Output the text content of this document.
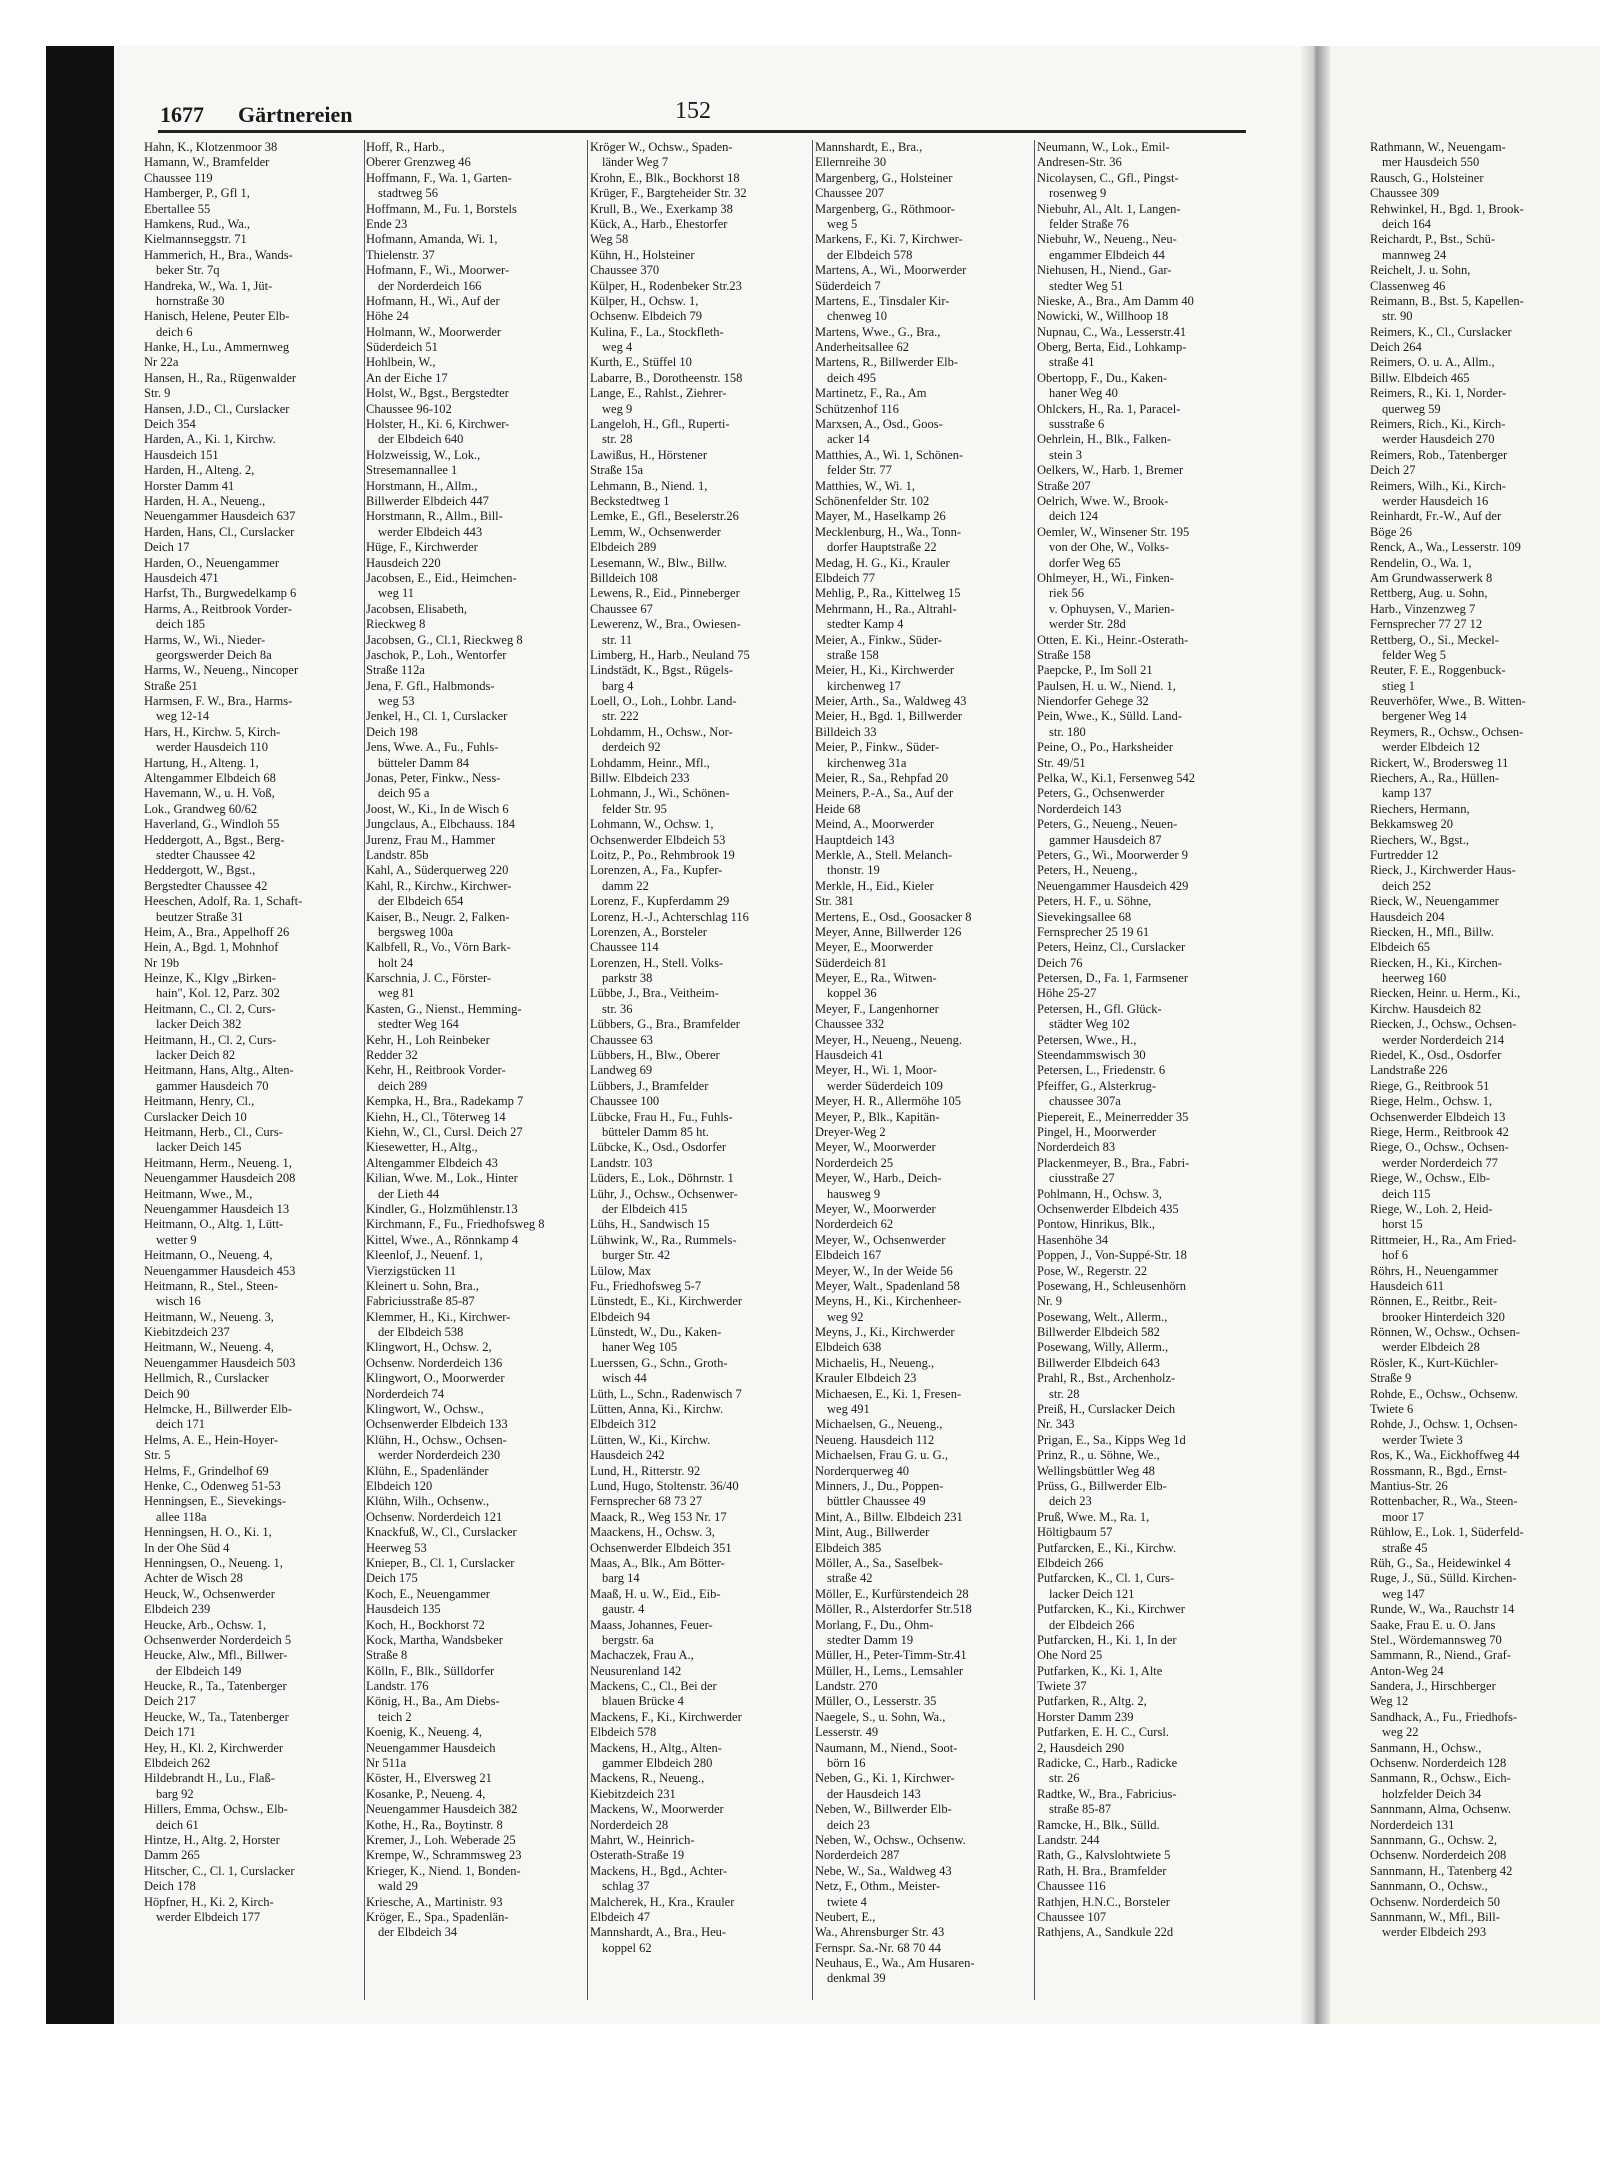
Rathmann, W., Neuengam-
mer Hausdeich 550
Rausch, G., Holsteiner
Chaussee 309
Rehwinkel, H., Bgd. 1, Brook-
deich 164
Reichardt, P., Bst., Schü-
mannweg 24
Reichelt, J. u. Sohn,
Classenweg 46
Reimann, B., Bst. 5, Kapellen-
str. 90
Reimers, K., Cl., Curslacker
Deich 264
Reimers, O. u. A., Allm.,
Billw. Elbdeich 465
Reimers, R., Ki. 1, Norder-
querweg 59
Reimers, Rich., Ki., Kirch-
werder Hausdeich 270
Reimers, Rob., Tatenberger
Deich 27
Reimers, Wilh., Ki., Kirch-
werder Hausdeich 16
Reinhardt, Fr.-W., Auf der
Böge 26
Renck, A., Wa., Lesserstr. 109
Rendelin, O., Wa. 1,
Am Grundwasserwerk 8
Rettberg, Aug. u. Sohn,
Harb., Vinzenzweg 7
Fernsprecher 77 27 12
Rettberg, O., Si., Meckel-
felder Weg 5
Reuter, F. E., Roggenbuck-
stieg 1
Reuverhöfer, Wwe., B. Witten-
bergener Weg 14
Reymers, R., Ochsw., Ochsen-
werder Elbdeich 12
Rickert, W., Brodersweg 11
Riechers, A., Ra., Hüllen-
kamp 137
Riechers, Hermann,
Bekkamsweg 20
Riechers, W., Bgst.,
Furtredder 12
Rieck, J., Kirchwerder Haus-
deich 252
Rieck, W., Neuengammer
Hausdeich 204
Riecken, H., Mfl., Billw.
Elbdeich 65
Riecken, H., Ki., Kirchen-
heerweg 160
Riecken, Heinr. u. Herm., Ki.,
Kirchw. Hausdeich 82
Riecken, J., Ochsw., Ochsen-
werder Norderdeich 214
Riedel, K., Osd., Osdorfer
Landstraße 226
Riege, G., Reitbrook 51
Riege, Helm., Ochsw. 1,
Ochsenwerder Elbdeich 13
Riege, Herm., Reitbrook 42
Riege, O., Ochsw., Ochsen-
werder Norderdeich 77
Riege, W., Ochsw., Elb-
deich 115
Riege, W., Loh. 2, Heid-
horst 15
Rittmeier, H., Ra., Am Fried-
hof 6
Röhrs, H., Neuengammer
Hausdeich 611
Rönnen, E., Reitbr., Reit-
brooker Hinterdeich 320
Rönnen, W., Ochsw., Ochsen-
werder Elbdeich 28
Rösler, K., Kurt-Küchler-
Straße 9
Rohde, E., Ochsw., Ochsenw.
Twiete 6
Rohde, J., Ochsw. 1, Ochsen-
werder Twiete 3
Ros, K., Wa., Eickhoffweg 44
Rossmann, R., Bgd., Ernst-
Mantius-Str. 26
Rottenbacher, R., Wa., Steen-
moor 17
Rühlow, E., Lok. 1, Süderfeld-
straße 45
Rüh, G., Sa., Heidewinkel 4
Ruge, J., Sü., Sülld. Kirchen-
weg 147
Runde, W., Wa., Rauchstr 14
Saake, Frau E. u. O. Jans
Stel., Wördemannsweg 70
Sammann, R., Niend., Graf-
Anton-Weg 24
Sandera, J., Hirschberger
Weg 12
Sandhack, A., Fu., Friedhofs-
weg 22
Sanmann, H., Ochsw.,
Ochsenw. Norderdeich 128
Sanmann, R., Ochsw., Eich-
holzfelder Deich 34
Sannmann, Alma, Ochsenw.
Norderdeich 131
Sannmann, G., Ochsw. 2,
Ochsenw. Norderdeich 208
Sannmann, H., Tatenberg 42
Sannmann, O., Ochsw.,
Ochsenw. Norderdeich 50
Sannmann, W., Mfl., Bill-
werder Elbdeich 293
1677 Gärtnereien	152
Hahn, K., Klotzenmoor 38
Hamann, W., Bramfelder
Chaussee 119
Hamberger, P., Gfl 1,
Ebertallee 55
Hamkens, Rud., Wa.,
Kielmannseggstr. 71
Hammerich, H., Bra., Wands-
beker Str. 7q
Handreka, W., Wa. 1, Jüt-
hornstraße 30
Hanisch, Helene, Peuter Elb-
deich 6
Hanke, H., Lu., Ammernweg
Nr 22a
Hansen, H., Ra., Rügenwalder
Str. 9
Hansen, J.D., Cl., Curslacker
Deich 354
Harden, A., Ki. 1, Kirchw.
Hausdeich 151
Harden, H., Alteng. 2,
Horster Damm 41
Harden, H. A., Neueng.,
Neuengammer Hausdeich 637
Harden, Hans, Cl., Curslacker
Deich 17
Harden, O., Neuengammer
Hausdeich 471
Harfst, Th., Burgwedelkamp 6
Harms, A., Reitbrook Vorder-
deich 185
Harms, W., Wi., Nieder-
georgswerder Deich 8a
Harms, W., Neueng., Nincoper
Straße 251
Harmsen, F. W., Bra., Harms-
weg 12-14
Hars, H., Kirchw. 5, Kirch-
werder Hausdeich 110
Hartung, H., Alteng. 1,
Altengammer Elbdeich 68
Havemann, W., u. H. Voß,
Lok., Grandweg 60/62
Haverland, G., Windloh 55
Heddergott, A., Bgst., Berg-
stedter Chaussee 42
Heddergott, W., Bgst.,
Bergstedter Chaussee 42
Heeschen, Adolf, Ra. 1, Schaft-
beutzer Straße 31
Heim, A., Bra., Appelhoff 26
Hein, A., Bgd. 1, Mohnhof
Nr 19b
Heinze, K., Klgv „Birken-
hain", Kol. 12, Parz. 302
Heitmann, C., Cl. 2, Curs-
lacker Deich 382
Heitmann, H., Cl. 2, Curs-
lacker Deich 82
Heitmann, Hans, Altg., Alten-
gammer Hausdeich 70
Heitmann, Henry, Cl.,
Curslacker Deich 10
Heitmann, Herb., Cl., Curs-
lacker Deich 145
Heitmann, Herm., Neueng. 1,
Neuengammer Hausdeich 208
Heitmann, Wwe., M.,
Neuengammer Hausdeich 13
Heitmann, O., Altg. 1, Lütt-
wetter 9
Heitmann, O., Neueng. 4,
Neuengammer Hausdeich 453
Heitmann, R., Stel., Steen-
wisch 16
Heitmann, W., Neueng. 3,
Kiebitzdeich 237
Heitmann, W., Neueng. 4,
Neuengammer Hausdeich 503
Hellmich, R., Curslacker
Deich 90
Helmcke, H., Billwerder Elb-
deich 171
Helms, A. E., Hein-Hoyer-
Str. 5
Helms, F., Grindelhof 69
Henke, C., Odenweg 51-53
Henningsen, E., Sievekings-
allee 118a
Henningsen, H. O., Ki. 1,
In der Ohe Süd 4
Henningsen, O., Neueng. 1,
Achter de Wisch 28
Heuck, W., Ochsenwerder
Elbdeich 239
Heucke, Arb., Ochsw. 1,
Ochsenwerder Norderdeich 5
Heucke, Alw., Mfl., Billwer-
der Elbdeich 149
Heucke, R., Ta., Tatenberger
Deich 217
Heucke, W., Ta., Tatenberger
Deich 171
Hey, H., Kl. 2, Kirchwerder
Elbdeich 262
Hildebrandt H., Lu., Flaß-
barg 92
Hillers, Emma, Ochsw., Elb-
deich 61
Hintze, H., Altg. 2, Horster
Damm 265
Hitscher, C., Cl. 1, Curslacker
Deich 178
Höpfner, H., Ki. 2, Kirch-
werder Elbdeich 177
Hoff, R., Harb.,
Oberer Grenzweg 46
Hoffmann, F., Wa. 1, Garten-
stadtweg 56
Hoffmann, M., Fu. 1, Borstels
Ende 23
Hofmann, Amanda, Wi. 1,
Thielenstr. 37
Hofmann, F., Wi., Moorwer-
der Norderdeich 166
Hofmann, H., Wi., Auf der
Höhe 24
Holmann, W., Moorwerder
Süderdeich 51
Hohlbein, W.,
An der Eiche 17
Holst, W., Bgst., Bergstedter
Chaussee 96-102
Holster, H., Ki. 6, Kirchwer-
der Elbdeich 640
Holzweissig, W., Lok.,
Stresemannallee 1
Horstmann, H., Allm.,
Billwerder Elbdeich 447
Horstmann, R., Allm., Bill-
werder Elbdeich 443
Hüge, F., Kirchwerder
Hausdeich 220
Jacobsen, E., Eid., Heimchen-
weg 11
Jacobsen, Elisabeth,
Rieckweg 8
Jacobsen, G., Cl.1, Rieckweg 8
Jaschok, P., Loh., Wentorfer
Straße 112a
Jena, F. Gfl., Halbmonds-
weg 53
Jenkel, H., Cl. 1, Curslacker
Deich 198
Jens, Wwe. A., Fu., Fuhls-
bütteler Damm 84
Jonas, Peter, Finkw., Ness-
deich 95 a
Joost, W., Ki., In de Wisch 6
Jungclaus, A., Elbchauss. 184
Jurenz, Frau M., Hammer
Landstr. 85b
Kahl, A., Süderquerweg 220
Kahl, R., Kirchw., Kirchwer-
der Elbdeich 654
Kaiser, B., Neugr. 2, Falken-
bergsweg 100a
Kalbfell, R., Vo., Vörn Bark-
holt 24
Karschnia, J. C., Förster-
weg 81
Kasten, G., Nienst., Hemming-
stedter Weg 164
Kehr, H., Loh Reinbeker
Redder 32
Kehr, H., Reitbrook Vorder-
deich 289
Kempka, H., Bra., Radekamp 7
Kiehn, H., Cl., Töterweg 14
Kiehn, W., Cl., Cursl. Deich 27
Kiesewetter, H., Altg.,
Altengammer Elbdeich 43
Kilian, Wwe. M., Lok., Hinter
der Lieth 44
Kindler, G., Holzmühlenstr.13
Kirchmann, F., Fu., Friedhofsweg 8
Kittel, Wwe., A., Rönnkamp 4
Kleenlof, J., Neuenf. 1,
Vierzigstücken 11
Kleinert u. Sohn, Bra.,
Fabriciusstraße 85-87
Klemmer, H., Ki., Kirchwer-
der Elbdeich 538
Klingwort, H., Ochsw. 2,
Ochsenw. Norderdeich 136
Klingwort, O., Moorwerder
Norderdeich 74
Klingwort, W., Ochsw.,
Ochsenwerder Elbdeich 133
Klühn, H., Ochsw., Ochsen-
werder Norderdeich 230
Klühn, E., Spadenländer
Elbdeich 120
Klühn, Wilh., Ochsenw.,
Ochsenw. Norderdeich 121
Knackfuß, W., Cl., Curslacker
Heerweg 53
Knieper, B., Cl. 1, Curslacker
Deich 175
Koch, E., Neuengammer
Hausdeich 135
Koch, H., Bockhorst 72
Kock, Martha, Wandsbeker
Straße 8
Kölln, F., Blk., Sülldorfer
Landstr. 176
König, H., Ba., Am Diebs-
teich 2
Koenig, K., Neueng. 4,
Neuengammer Hausdeich
Nr 511a
Köster, H., Elversweg 21
Kosanke, P., Neueng. 4,
Neuengammer Hausdeich 382
Kothe, H., Ra., Boytinstr. 8
Kremer, J., Loh. Weberade 25
Krempe, W., Schrammsweg 23
Krieger, K., Niend. 1, Bonden-
wald 29
Kriesche, A., Martinistr. 93
Kröger, E., Spa., Spadenlän-
der Elbdeich 34
Kröger W., Ochsw., Spaden-
länder Weg 7
Krohn, E., Blk., Bockhorst 18
Krüger, F., Bargteheider Str. 32
Krull, B., We., Exerkamp 38
Kück, A., Harb., Ehestorfer
Weg 58
Kühn, H., Holsteiner
Chaussee 370
Külper, H., Rodenbeker Str.23
Külper, H., Ochsw. 1,
Ochsenw. Elbdeich 79
Kulina, F., La., Stockfleth-
weg 4
Kurth, E., Stüffel 10
Labarre, B., Dorotheenstr. 158
Lange, E., Rahlst., Ziehrer-
weg 9
Langeloh, H., Gfl., Ruperti-
str. 28
Lawißus, H., Hörstener
Straße 15a
Lehmann, B., Niend. 1,
Beckstedtweg 1
Lemke, E., Gfl., Beselerstr.26
Lemm, W., Ochsenwerder
Elbdeich 289
Lesemann, W., Blw., Billw.
Billdeich 108
Lewens, R., Eid., Pinneberger
Chaussee 67
Lewerenz, W., Bra., Owiesen-
str. 11
Limberg, H., Harb., Neuland 75
Lindstädt, K., Bgst., Rügels-
barg 4
Loell, O., Loh., Lohbr. Land-
str. 222
Lohdamm, H., Ochsw., Nor-
derdeich 92
Lohdamm, Heinr., Mfl.,
Billw. Elbdeich 233
Lohmann, J., Wi., Schönen-
felder Str. 95
Lohmann, W., Ochsw. 1,
Ochsenwerder Elbdeich 53
Loitz, P., Po., Rehmbrook 19
Lorenzen, A., Fa., Kupfer-
damm 22
Lorenz, F., Kupferdamm 29
Lorenz, H.-J., Achterschlag 116
Lorenzen, A., Borsteler
Chaussee 114
Lorenzen, H., Stell. Volks-
parkstr 38
Lübbe, J., Bra., Veitheim-
str. 36
Lübbers, G., Bra., Bramfelder
Chaussee 63
Lübbers, H., Blw., Oberer
Landweg 69
Lübbers, J., Bramfelder
Chaussee 100
Lübcke, Frau H., Fu., Fuhls-
bütteler Damm 85 ht.
Lübcke, K., Osd., Osdorfer
Landstr. 103
Lüders, E., Lok., Döhrnstr. 1
Lühr, J., Ochsw., Ochsenwer-
der Elbdeich 415
Lühs, H., Sandwisch 15
Lühwink, W., Ra., Rummels-
burger Str. 42
Lülow, Max
Fu., Friedhofsweg 5-7
Lünstedt, E., Ki., Kirchwerder
Elbdeich 94
Lünstedt, W., Du., Kaken-
haner Weg 105
Luerssen, G., Schn., Groth-
wisch 44
Lüth, L., Schn., Radenwisch 7
Lütten, Anna, Ki., Kirchw.
Elbdeich 312
Lütten, W., Ki., Kirchw.
Hausdeich 242
Lund, H., Ritterstr. 92
Lund, Hugo, Stoltenstr. 36/40
Fernsprecher 68 73 27
Maack, R., Weg 153 Nr. 17
Maackens, H., Ochsw. 3,
Ochsenwerder Elbdeich 351
Maas, A., Blk., Am Bötter-
barg 14
Maaß, H. u. W., Eid., Eib-
gaustr. 4
Maass, Johannes, Feuer-
bergstr. 6a
Machaczek, Frau A.,
Neusurenland 142
Mackens, C., Cl., Bei der
blauen Brücke 4
Mackens, F., Ki., Kirchwerder
Elbdeich 578
Mackens, H., Altg., Alten-
gammer Elbdeich 280
Mackens, R., Neueng.,
Kiebitzdeich 231
Mackens, W., Moorwerder
Norderdeich 28
Mahrt, W., Heinrich-
Osterath-Straße 19
Mackens, H., Bgd., Achter-
schlag 37
Malcherek, H., Kra., Krauler
Elbdeich 47
Mannshardt, A., Bra., Heu-
koppel 62
Mannshardt, E., Bra.,
Ellernreihe 30
Margenberg, G., Holsteiner
Chaussee 207
Margenberg, G., Röthmoor-
weg 5
Markens, F., Ki. 7, Kirchwer-
der Elbdeich 578
Martens, A., Wi., Moorwerder
Süderdeich 7
Martens, E., Tinsdaler Kir-
chenweg 10
Martens, Wwe., G., Bra.,
Anderheitsallee 62
Martens, R., Billwerder Elb-
deich 495
Martinetz, F., Ra., Am
Schützenhof 116
Marxsen, A., Osd., Goos-
acker 14
Matthies, A., Wi. 1, Schönen-
felder Str. 77
Matthies, W., Wi. 1,
Schönenfelder Str. 102
Mayer, M., Haselkamp 26
Mecklenburg, H., Wa., Tonn-
dorfer Hauptstraße 22
Medag, H. G., Ki., Krauler
Elbdeich 77
Mehlig, P., Ra., Kittelweg 15
Mehrmann, H., Ra., Altrahl-
stedter Kamp 4
Meier, A., Finkw., Süder-
straße 158
Meier, H., Ki., Kirchwerder
kirchenweg 17
Meier, Arth., Sa., Waldweg 43
Meier, H., Bgd. 1, Billwerder
Billdeich 33
Meier, P., Finkw., Süder-
kirchenweg 31a
Meier, R., Sa., Rehpfad 20
Meiners, P.-A., Sa., Auf der
Heide 68
Meind, A., Moorwerder
Hauptdeich 143
Merkle, A., Stell. Melanch-
thonstr. 19
Merkle, H., Eid., Kieler
Str. 381
Mertens, E., Osd., Goosacker 8
Meyer, Anne, Billwerder 126
Meyer, E., Moorwerder
Süderdeich 81
Meyer, E., Ra., Witwen-
koppel 36
Meyer, F., Langenhorner
Chaussee 332
Meyer, H., Neueng., Neueng.
Hausdeich 41
Meyer, H., Wi. 1, Moor-
werder Süderdeich 109
Meyer, H. R., Allermöhe 105
Meyer, P., Blk., Kapitän-
Dreyer-Weg 2
Meyer, W., Moorwerder
Norderdeich 25
Meyer, W., Harb., Deich-
hausweg 9
Meyer, W., Moorwerder
Norderdeich 62
Meyer, W., Ochsenwerder
Elbdeich 167
Meyer, W., In der Weide 56
Meyer, Walt., Spadenland 58
Meyns, H., Ki., Kirchenheer-
weg 92
Meyns, J., Ki., Kirchwerder
Elbdeich 638
Michaelis, H., Neueng.,
Krauler Elbdeich 23
Michaesen, E., Ki. 1, Fresen-
weg 491
Michaelsen, G., Neueng.,
Neueng. Hausdeich 112
Michaelsen, Frau G. u. G.,
Norderquerweg 40
Minners, J., Du., Poppen-
büttler Chaussee 49
Mint, A., Billw. Elbdeich 231
Mint, Aug., Billwerder
Elbdeich 385
Möller, A., Sa., Saselbek-
straße 42
Möller, E., Kurfürstendeich 28
Möller, R., Alsterdorfer Str.518
Morlang, F., Du., Ohm-
stedter Damm 19
Müller, H., Peter-Timm-Str.41
Müller, H., Lems., Lemsahler
Landstr. 270
Müller, O., Lesserstr. 35
Naegele, S., u. Sohn, Wa.,
Lesserstr. 49
Naumann, M., Niend., Soot-
börn 16
Neben, G., Ki. 1, Kirchwer-
der Hausdeich 143
Neben, W., Billwerder Elb-
deich 23
Neben, W., Ochsw., Ochsenw.
Norderdeich 287
Nebe, W., Sa., Waldweg 43
Netz, F., Othm., Meister-
twiete 4
Neubert, E.,
Wa., Ahrensburger Str. 43
Fernspr. Sa.-Nr. 68 70 44
Neuhaus, E., Wa., Am Husaren-
denkmal 39
Neumann, W., Lok., Emil-
Andresen-Str. 36
Nicolaysen, C., Gfl., Pingst-
rosenweg 9
Niebuhr, Al., Alt. 1, Langen-
felder Straße 76
Niebuhr, W., Neueng., Neu-
engammer Elbdeich 44
Niehusen, H., Niend., Gar-
stedter Weg 51
Nieske, A., Bra., Am Damm 40
Nowicki, W., Willhoop 18
Nupnau, C., Wa., Lesserstr.41
Oberg, Berta, Eid., Lohkamp-
straße 41
Obertopp, F., Du., Kaken-
haner Weg 40
Ohlckers, H., Ra. 1, Paracel-
susstraße 6
Oehrlein, H., Blk., Falken-
stein 3
Oelkers, W., Harb. 1, Bremer
Straße 207
Oelrich, Wwe. W., Brook-
deich 124
Oemler, W., Winsener Str. 195
von der Ohe, W., Volks-
dorfer Weg 65
Ohlmeyer, H., Wi., Finken-
riek 56
v. Ophuysen, V., Marien-
werder Str. 28d
Otten, E. Ki., Heinr.-Osterath-
Straße 158
Paepcke, P., Im Soll 21
Paulsen, H. u. W., Niend. 1,
Niendorfer Gehege 32
Pein, Wwe., K., Sülld. Land-
str. 180
Peine, O., Po., Harksheider
Str. 49/51
Pelka, W., Ki.1, Fersenweg 542
Peters, G., Ochsenwerder
Norderdeich 143
Peters, G., Neueng., Neuen-
gammer Hausdeich 87
Peters, G., Wi., Moorwerder 9
Peters, H., Neueng.,
Neuengammer Hausdeich 429
Peters, H. F., u. Söhne,
Sievekingsallee 68
Fernsprecher 25 19 61
Peters, Heinz, Cl., Curslacker
Deich 76
Petersen, D., Fa. 1, Farmsener
Höhe 25-27
Petersen, H., Gfl. Glück-
städter Weg 102
Petersen, Wwe., H.,
Steendammswisch 30
Petersen, L., Friedenstr. 6
Pfeiffer, G., Alsterkrug-
chaussee 307a
Piepereit, E., Meinerredder 35
Pingel, H., Moorwerder
Norderdeich 83
Plackenmeyer, B., Bra., Fabri-
ciusstraße 27
Pohlmann, H., Ochsw. 3,
Ochsenwerder Elbdeich 435
Pontow, Hinrikus, Blk.,
Hasenhöhe 34
Poppen, J., Von-Suppé-Str. 18
Pose, W., Regerstr. 22
Posewang, H., Schleusenhörn
Nr. 9
Posewang, Welt., Allerm.,
Billwerder Elbdeich 582
Posewang, Willy, Allerm.,
Billwerder Elbdeich 643
Prahl, R., Bst., Archenholz-
str. 28
Preiß, H., Curslacker Deich
Nr. 343
Prigan, E., Sa., Kipps Weg 1d
Prinz, R., u. Söhne, We.,
Wellingsbüttler Weg 48
Prüss, G., Billwerder Elb-
deich 23
Pruß, Wwe. M., Ra. 1,
Höltigbaum 57
Putfarcken, E., Ki., Kirchw.
Elbdeich 266
Putfarcken, K., Cl. 1, Curs-
lacker Deich 121
Putfarcken, K., Ki., Kirchwer
der Elbdeich 266
Putfarcken, H., Ki. 1, In der
Ohe Nord 25
Putfarken, K., Ki. 1, Alte
Twiete 37
Putfarken, R., Altg. 2,
Horster Damm 239
Putfarken, E. H. C., Cursl.
2, Hausdeich 290
Radicke, C., Harb., Radicke
str. 26
Radtke, W., Bra., Fabricius-
straße 85-87
Ramcke, H., Blk., Sülld.
Landstr. 244
Rath, G., Kalvslohtwiete 5
Rath, H. Bra., Bramfelder
Chaussee 116
Rathjen, H.N.C., Borsteler
Chaussee 107
Rathjens, A., Sandkule 22d
